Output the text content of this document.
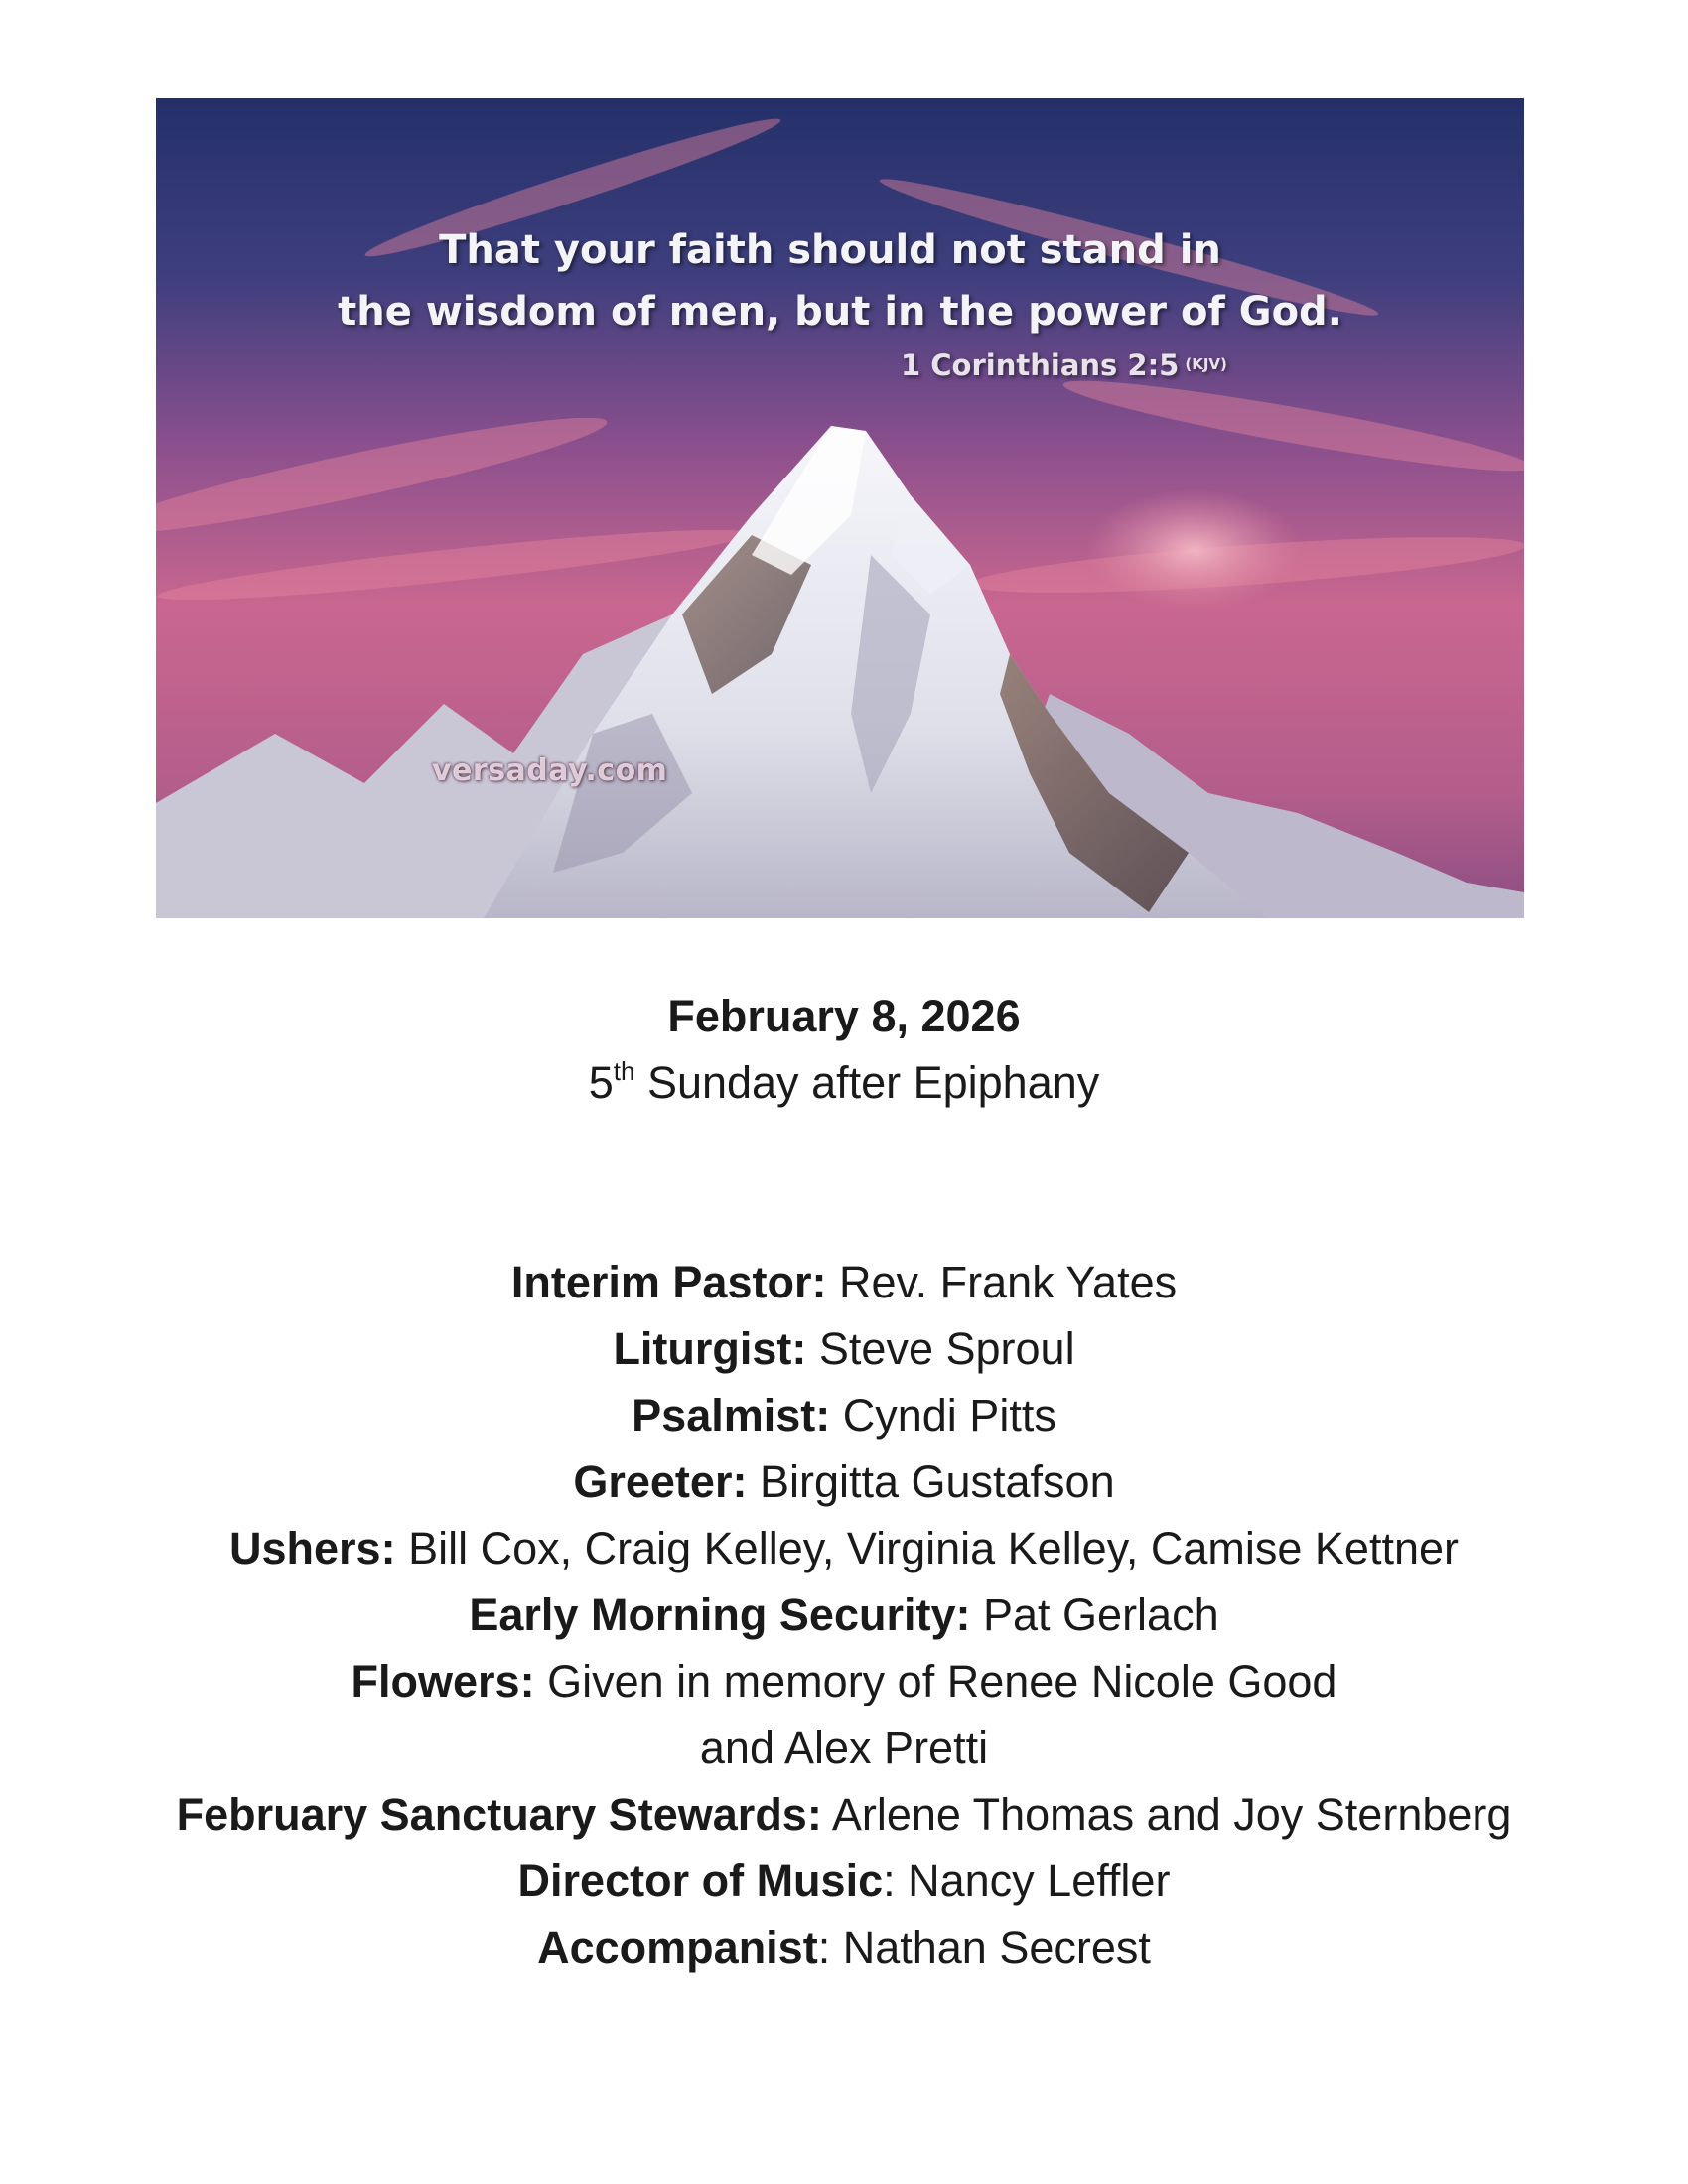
That your faith should not stand in
the wisdom of men, but in the power of God.
1 Corinthians 2:5 $^{(KJV)}$
versaday.com
February 8, 2026
5th Sunday after Epiphany
Interim Pastor: Rev. Frank Yates
Liturgist: Steve Sproul
Psalmist: Cyndi Pitts
Greeter: Birgitta Gustafson
Ushers: Bill Cox, Craig Kelley, Virginia Kelley, Camise Kettner
Early Morning Security: Pat Gerlach
Flowers: Given in memory of Renee Nicole Good
and Alex Pretti
February Sanctuary Stewards: Arlene Thomas and Joy Sternberg
Director of Music: Nancy Leffler
Accompanist: Nathan Secrest
